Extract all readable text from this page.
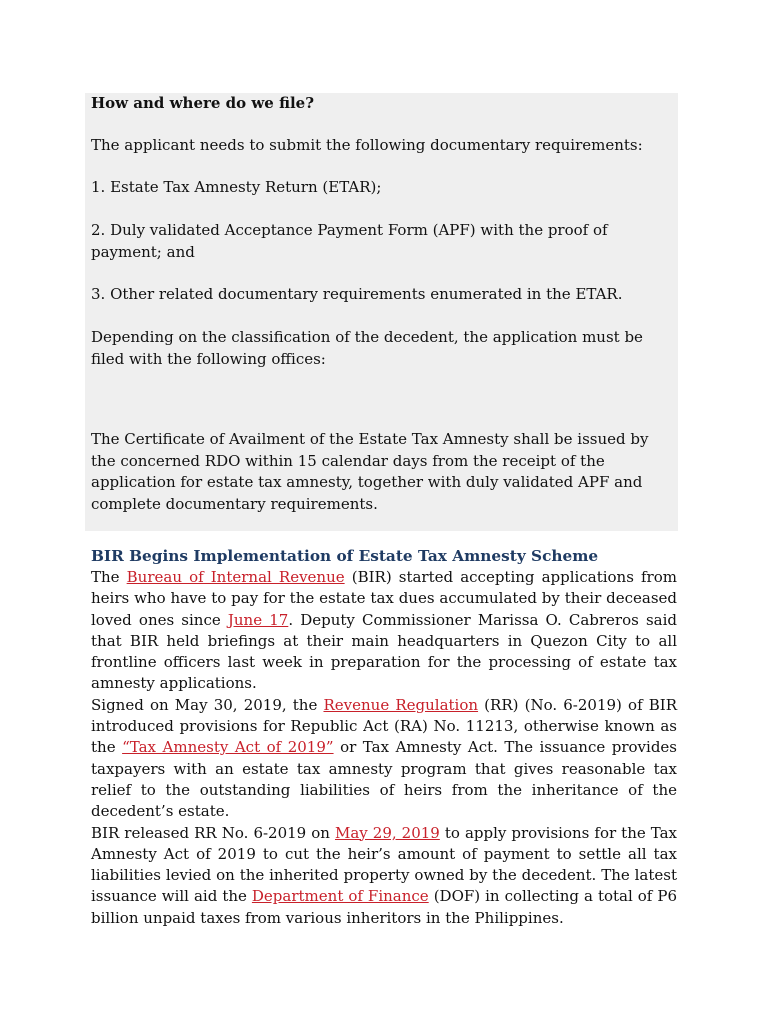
How and where do we file?

The applicant needs to submit the following documentary requirements:

1. Estate Tax Amnesty Return (ETAR);

2. Duly validated Acceptance Payment Form (APF) with the proof of payment; and

3. Other related documentary requirements enumerated in the ETAR.

Depending on the classification of the decedent, the application must be filed with the following offices:

The Certificate of Availment of the Estate Tax Amnesty shall be issued by the concerned RDO within 15 calendar days from the receipt of the application for estate tax amnesty, together with duly validated APF and complete documentary requirements.

BIR Begins Implementation of Estate Tax Amnesty Scheme

The Bureau of Internal Revenue (BIR) started accepting applications from heirs who have to pay for the estate tax dues accumulated by their deceased loved ones since June 17. Deputy Commissioner Marissa O. Cabreros said that BIR held briefings at their main headquarters in Quezon City to all frontline officers last week in preparation for the processing of estate tax amnesty applications.

Signed on May 30, 2019, the Revenue Regulation (RR) (No. 6-2019) of BIR introduced provisions for Republic Act (RA) No. 11213, otherwise known as the “Tax Amnesty Act of 2019” or Tax Amnesty Act. The issuance provides taxpayers with an estate tax amnesty program that gives reasonable tax relief to the outstanding liabilities of heirs from the inheritance of the decedent’s estate.

BIR released RR No. 6-2019 on May 29, 2019 to apply provisions for the Tax Amnesty Act of 2019 to cut the heir’s amount of payment to settle all tax liabilities levied on the inherited property owned by the decedent. The latest issuance will aid the Department of Finance (DOF) in collecting a total of P6 billion unpaid taxes from various inheritors in the Philippines.
